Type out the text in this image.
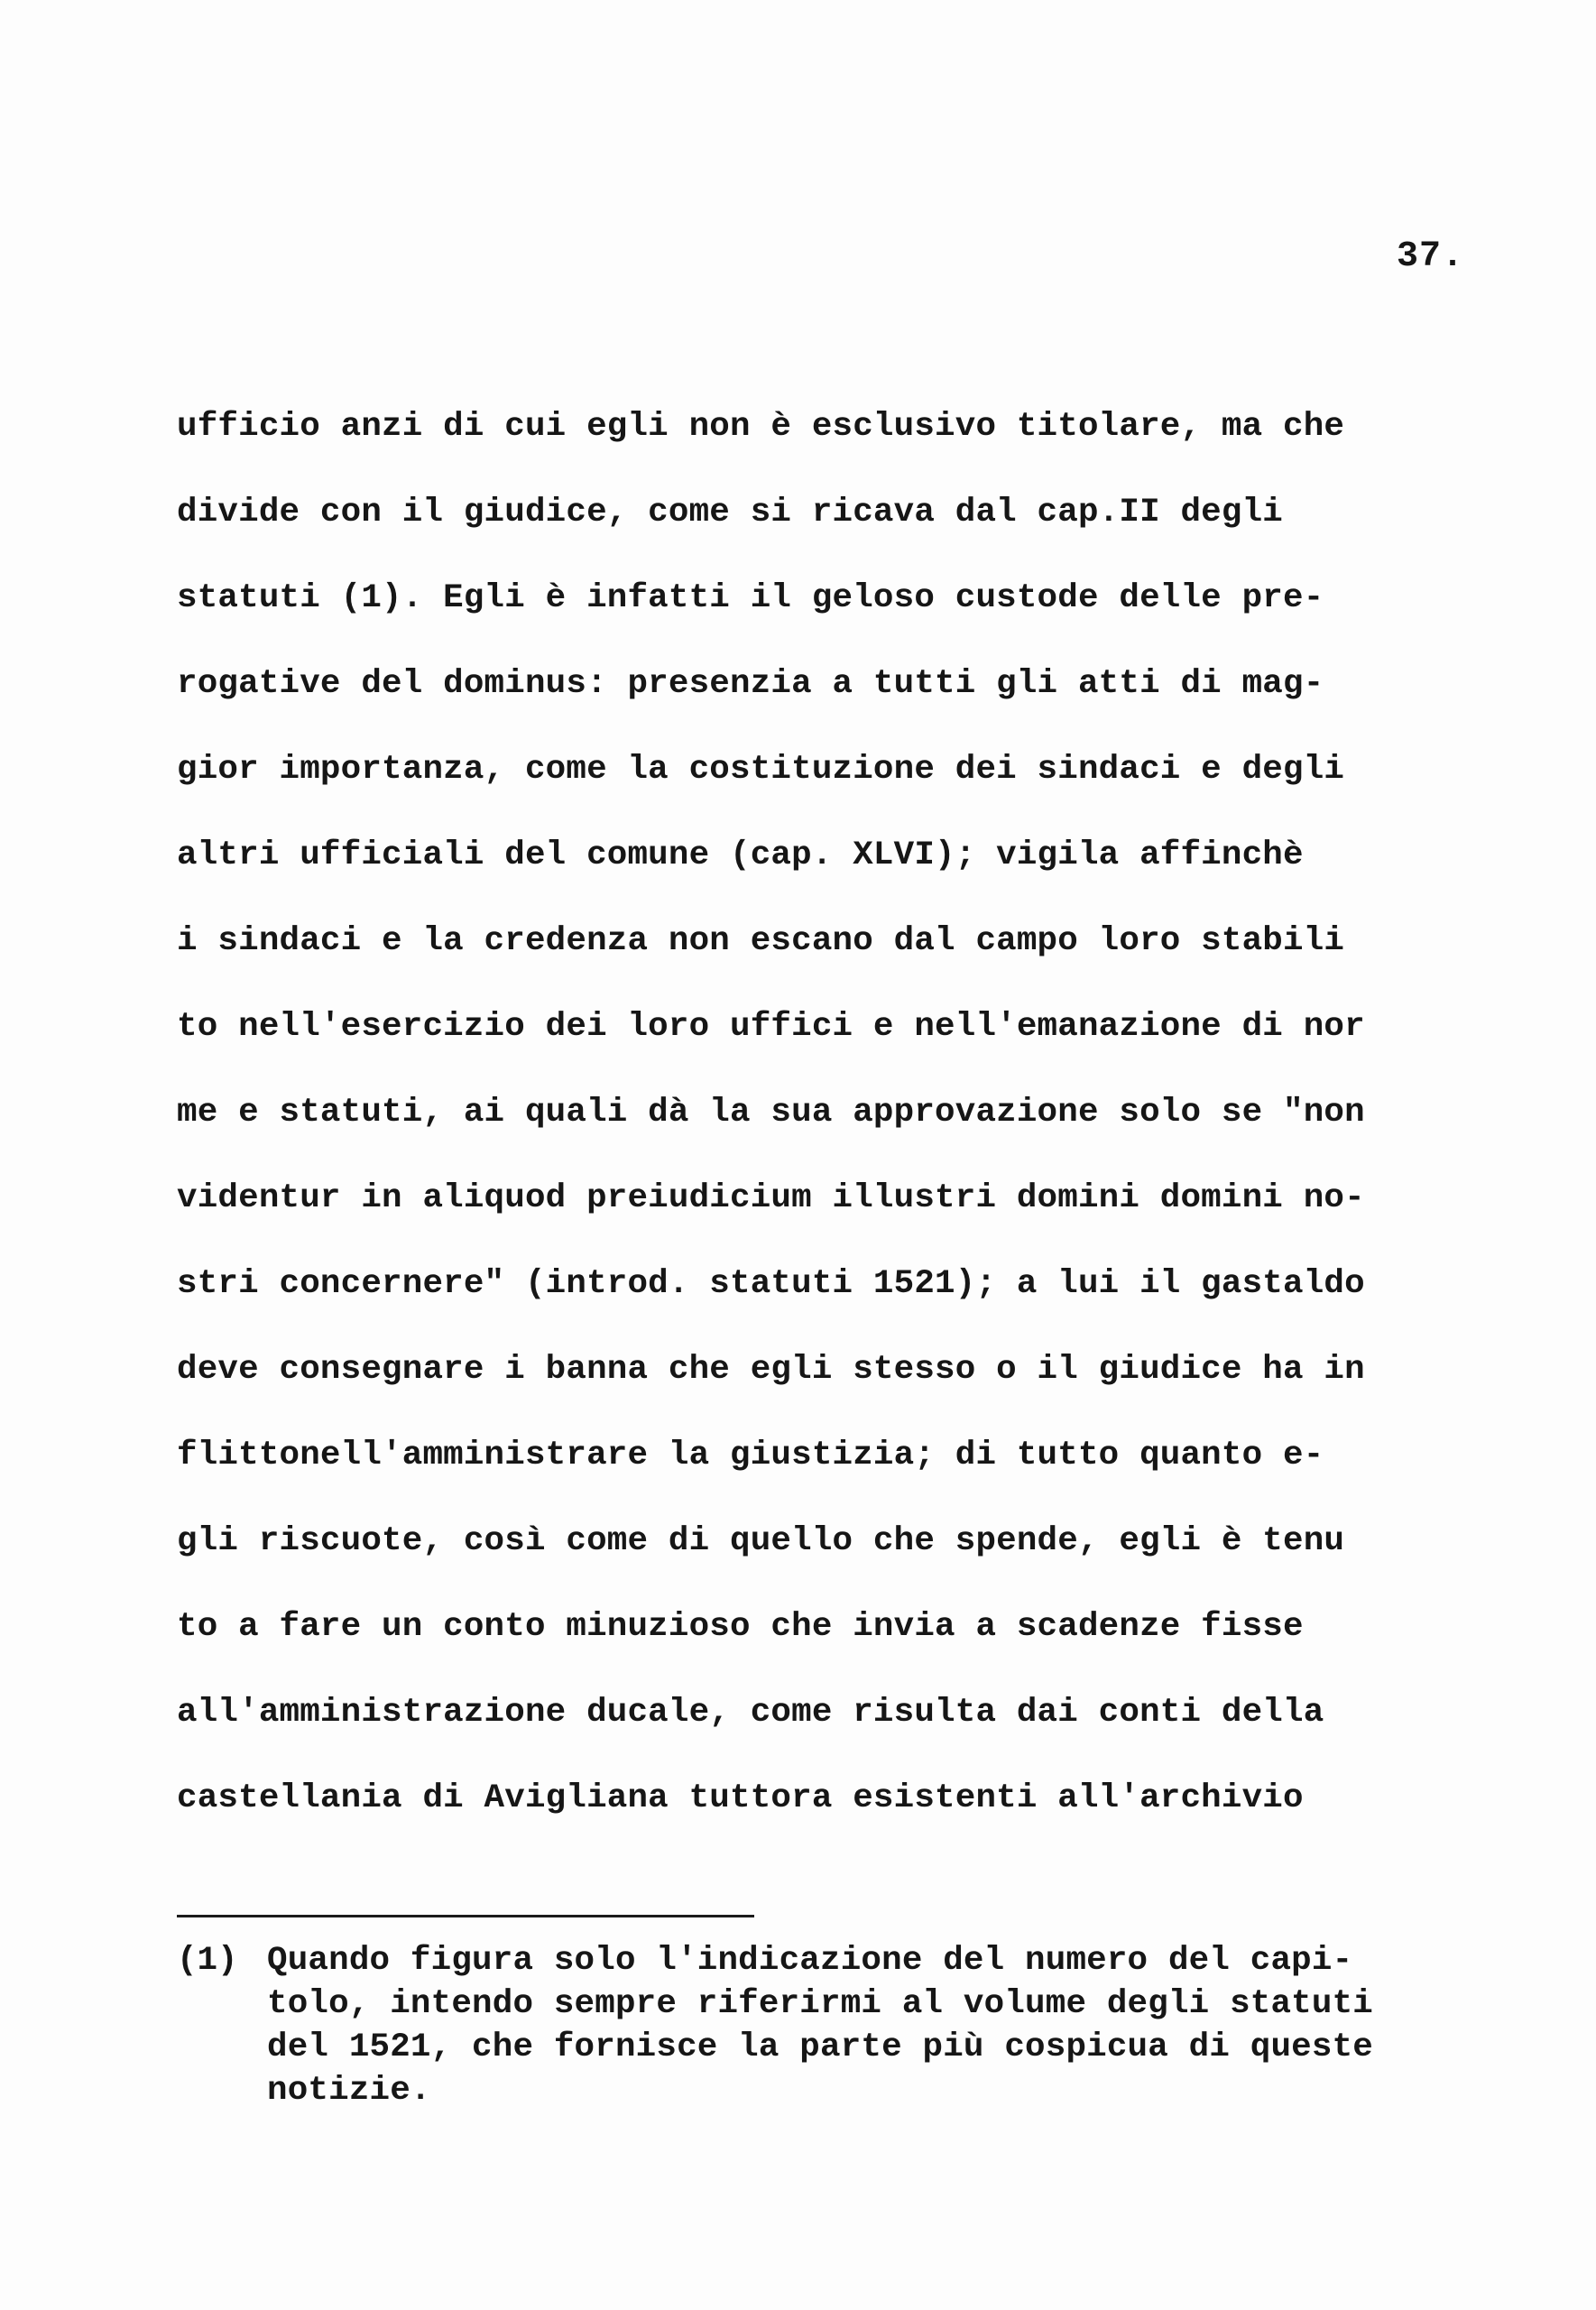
37.
ufficio anzi di cui egli non è esclusivo titolare, ma che
divide con il giudice, come si ricava dal cap.II degli
statuti (1). Egli è infatti il geloso custode delle pre-
rogative del dominus: presenzia a tutti gli atti di mag-
gior importanza, come la costituzione dei sindaci e degli
altri ufficiali del comune (cap. XLVI); vigila affinchè
i sindaci e la credenza non escano dal campo loro stabili
to nell'esercizio dei loro uffici e nell'emanazione di nor
me e statuti, ai quali dà la sua approvazione solo se "non
videntur in aliquod preiudicium illustri domini domini no-
stri concernere" (introd. statuti 1521); a lui il gastaldo
deve consegnare i banna che egli stesso o il giudice ha in
flittonell'amministrare la giustizia; di tutto quanto e-
gli riscuote, così come di quello che spende, egli è tenu
to a fare un conto minuzioso che invia a scadenze fisse
all'amministrazione ducale, come risulta dai conti della
castellania di Avigliana tuttora esistenti all'archivio
(1) Quando figura solo l'indicazione del numero del capi-
tolo, intendo sempre riferirmi al volume degli statuti
del 1521, che fornisce la parte più cospicua di queste
notizie.
